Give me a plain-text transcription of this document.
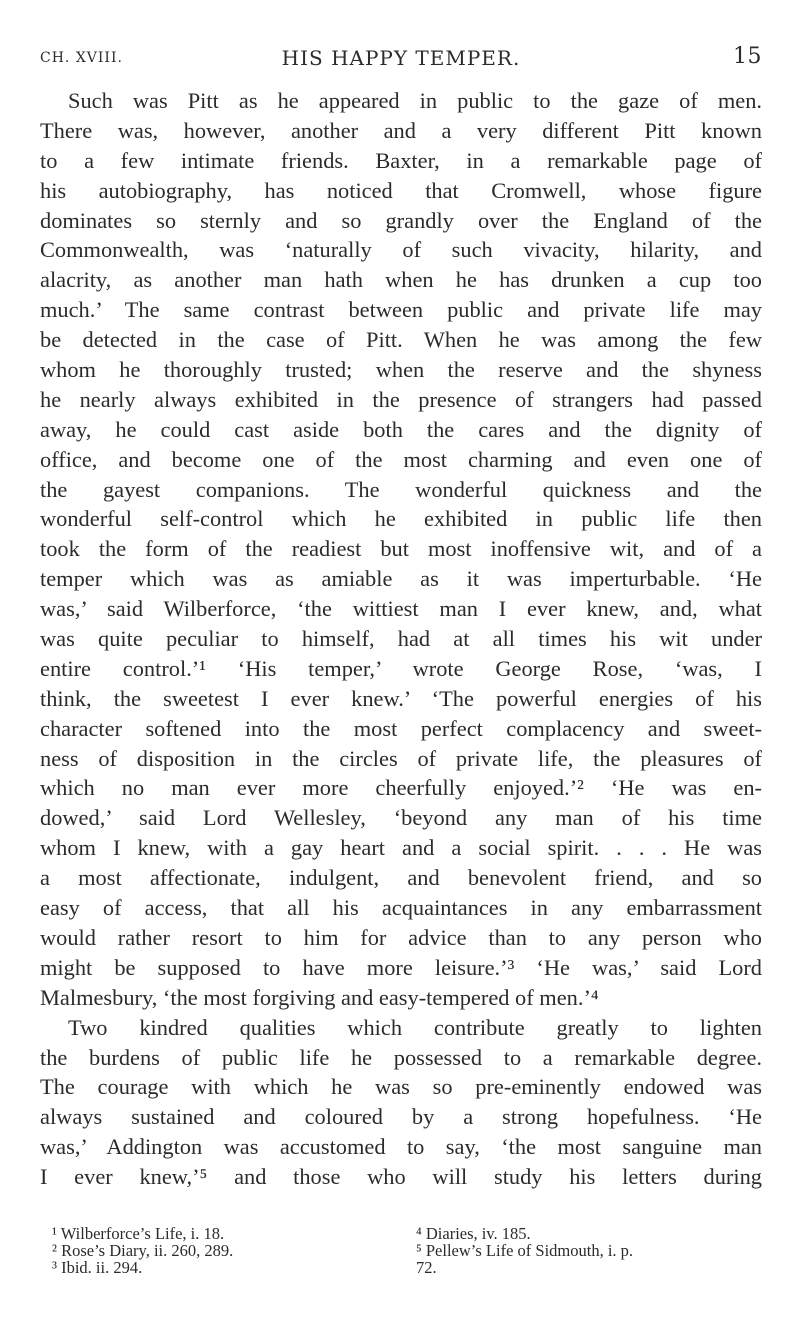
CH. XVIII.	HIS HAPPY TEMPER.	15
Such was Pitt as he appeared in public to the gaze of men.
There was, however, another and a very different Pitt known
to a few intimate friends. Baxter, in a remarkable page of
his autobiography, has noticed that Cromwell, whose figure
dominates so sternly and so grandly over the England of the
Commonwealth, was ‘naturally of such vivacity, hilarity, and
alacrity, as another man hath when he has drunken a cup too
much.’ The same contrast between public and private life may
be detected in the case of Pitt. When he was among the few
whom he thoroughly trusted; when the reserve and the shyness
he nearly always exhibited in the presence of strangers had passed
away, he could cast aside both the cares and the dignity of
office, and become one of the most charming and even one of
the gayest companions. The wonderful quickness and the
wonderful self-control which he exhibited in public life then
took the form of the readiest but most inoffensive wit, and of a
temper which was as amiable as it was imperturbable. ‘He
was,’ said Wilberforce, ‘the wittiest man I ever knew, and, what
was quite peculiar to himself, had at all times his wit under
entire control.’¹ ‘His temper,’ wrote George Rose, ‘was, I
think, the sweetest I ever knew.’ ‘The powerful energies of his
character softened into the most perfect complacency and sweet-
ness of disposition in the circles of private life, the pleasures of
which no man ever more cheerfully enjoyed.’² ‘He was en-
dowed,’ said Lord Wellesley, ‘beyond any man of his time
whom I knew, with a gay heart and a social spirit. . . . He was
a most affectionate, indulgent, and benevolent friend, and so
easy of access, that all his acquaintances in any embarrassment
would rather resort to him for advice than to any person who
might be supposed to have more leisure.’³ ‘He was,’ said Lord
Malmesbury, ‘the most forgiving and easy-tempered of men.’⁴
Two kindred qualities which contribute greatly to lighten
the burdens of public life he possessed to a remarkable degree.
The courage with which he was so pre-eminently endowed was
always sustained and coloured by a strong hopefulness. ‘He
was,’ Addington was accustomed to say, ‘the most sanguine man
I ever knew,’⁵ and those who will study his letters during
¹ Wilberforce’s Life, i. 18.
² Rose’s Diary, ii. 260, 289.
³ Ibid. ii. 294.
⁴ Diaries, iv. 185.
⁵ Pellew’s Life of Sidmouth, i. p.
72.
